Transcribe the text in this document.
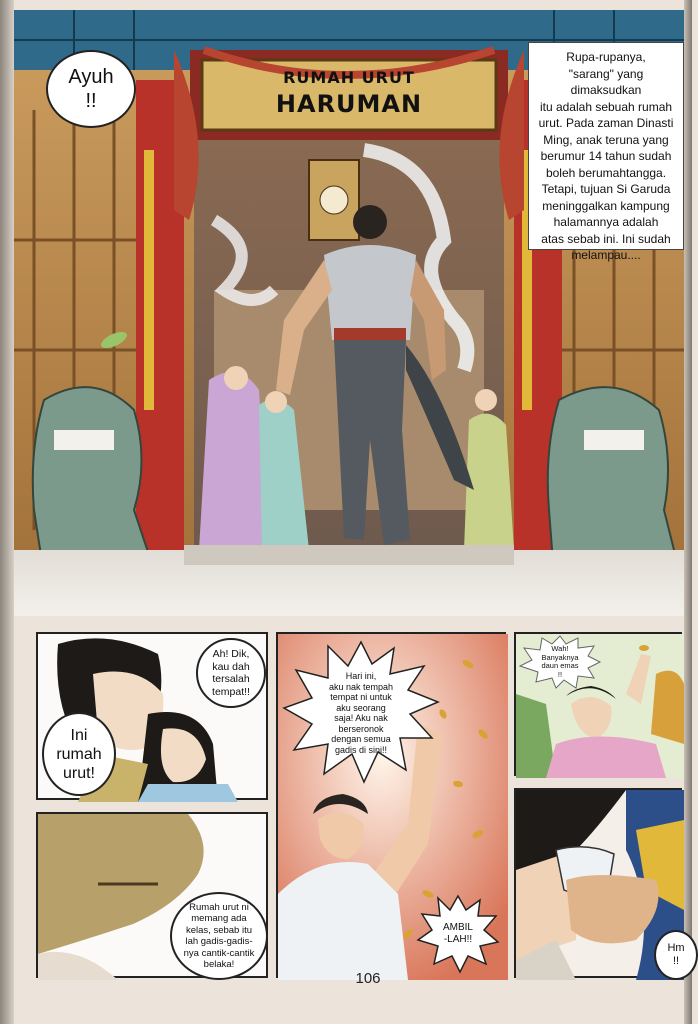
RUMAH URUT
HARUMAN
Ayuh
!!
Rupa-rupanya,
"sarang" yang dimaksudkan
itu adalah sebuah rumah
urut. Pada zaman Dinasti
Ming, anak teruna yang
berumur 14 tahun sudah
boleh berumahtangga.
Tetapi, tujuan Si Garuda
meninggalkan kampung
halamannya adalah
atas sebab ini. Ini sudah
melampau....
Ah! Dik,
kau dah
tersalah
tempat!!
Ini
rumah
urut!
Rumah urut ni
memang ada
kelas, sebab itu
lah gadis-gadis-
nya cantik-cantik
belaka!
Hari ini,
aku nak tempah
tempat ni untuk
aku seorang
saja! Aku nak
berseronok
dengan semua
gadis di sini!!
AMBIL
-LAH!!
Wah!
Banyaknya
daun emas
!!
Hm
!!
106
